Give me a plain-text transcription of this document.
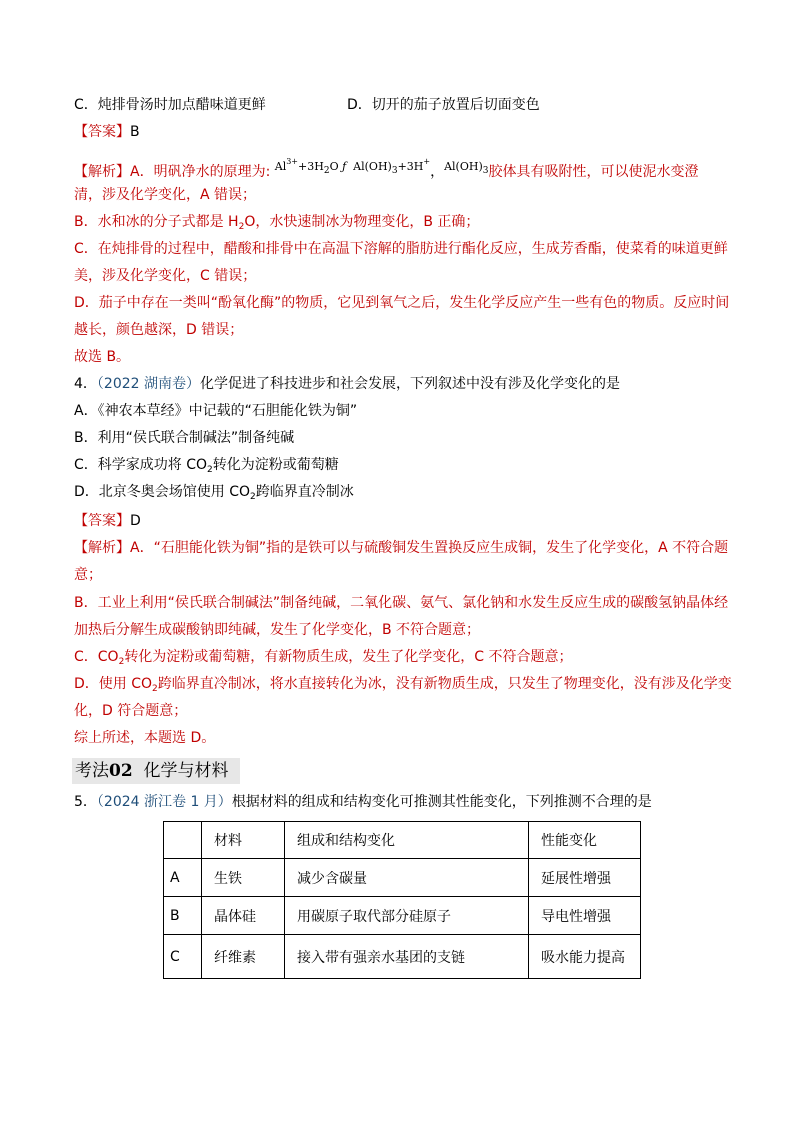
C．炖排骨汤时加点醋味道更鲜	D．切开的茄子放置后切面变色
【答案】B
【解析】A．明矾净水的原理为: $^{Al^{3+}+3H_2O ƒ Al(OH)_3+3H^+}$，$^{Al(OH)_3}$胶体具有吸附性，可以使泥水变澄
清，涉及化学变化，A 错误；
B．水和冰的分子式都是 $H_2O$，水快速制冰为物理变化，B 正确；
C．在炖排骨的过程中，醋酸和排骨中在高温下溶解的脂肪进行酯化反应，生成芳香酯，使菜肴的味道更鲜
美，涉及化学变化，C 错误；
D．茄子中存在一类叫“酚氧化酶”的物质，它见到氧气之后，发生化学反应产生一些有色的物质。反应时间
越长，颜色越深，D 错误；
故选 B。
4．（2022 湖南卷）化学促进了科技进步和社会发展，下列叙述中没有涉及化学变化的是
A．《神农本草经》中记载的“石胆能化铁为铜”
B．利用“侯氏联合制碱法”制备纯碱
C．科学家成功将 $CO_2$转化为淀粉或葡萄糖
D．北京冬奥会场馆使用 $CO_2$跨临界直冷制冰
【答案】D
【解析】A．“石胆能化铁为铜”指的是铁可以与硫酸铜发生置换反应生成铜，发生了化学变化，A 不符合题
意；
B．工业上利用“侯氏联合制碱法”制备纯碱，二氧化碳、氨气、氯化钠和水发生反应生成的碳酸氢钠晶体经
加热后分解生成碳酸钠即纯碱，发生了化学变化，B 不符合题意；
C．$CO_2$转化为淀粉或葡萄糖，有新物质生成，发生了化学变化，C 不符合题意；
D．使用 $CO_2$跨临界直冷制冰，将水直接转化为冰，没有新物质生成，只发生了物理变化，没有涉及化学变
化，D 符合题意；
综上所述，本题选 D。
考法02 化学与材料
5．（2024 浙江卷 1 月）根据材料的组成和结构变化可推测其性能变化，下列推测不合理的是
	材料	组成和结构变化	性能变化
A	生铁	减少含碳量	延展性增强
B	晶体硅	用碳原子取代部分硅原子	导电性增强
C	纤维素	接入带有强亲水基团的支链	吸水能力提高
